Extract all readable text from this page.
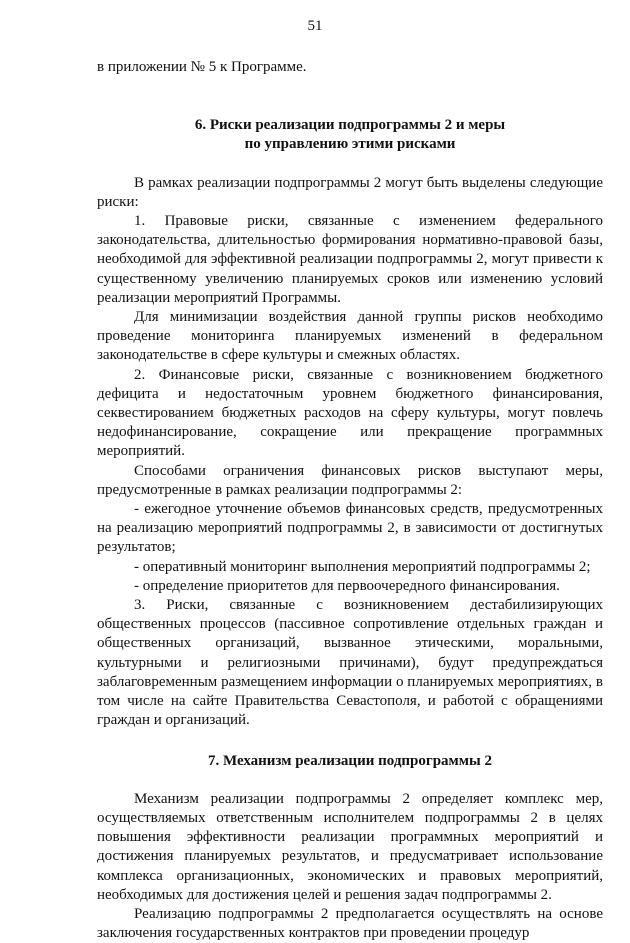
51

в приложении № 5 к Программе.

6. Риски реализации подпрограммы 2 и меры
по управлению этими рисками

В рамках реализации подпрограммы 2 могут быть выделены следующие риски:

1. Правовые риски, связанные с изменением федерального законодательства, длительностью формирования нормативно-правовой базы, необходимой для эффективной реализации подпрограммы 2, могут привести к существенному увеличению планируемых сроков или изменению условий реализации мероприятий Программы.

Для минимизации воздействия данной группы рисков необходимо проведение мониторинга планируемых изменений в федеральном законодательстве в сфере культуры и смежных областях.

2. Финансовые риски, связанные с возникновением бюджетного дефицита и недостаточным уровнем бюджетного финансирования, секвестированием бюджетных расходов на сферу культуры, могут повлечь недофинансирование, сокращение или прекращение программных мероприятий.

Способами ограничения финансовых рисков выступают меры, предусмотренные в рамках реализации подпрограммы 2:

- ежегодное уточнение объемов финансовых средств, предусмотренных на реализацию мероприятий подпрограммы 2, в зависимости от достигнутых результатов;

- оперативный мониторинг выполнения мероприятий подпрограммы 2;

- определение приоритетов для первоочередного финансирования.

3. Риски, связанные с возникновением дестабилизирующих общественных процессов (пассивное сопротивление отдельных граждан и общественных организаций, вызванное этическими, моральными, культурными и религиозными причинами), будут предупреждаться заблаговременным размещением информации о планируемых мероприятиях, в том числе на сайте Правительства Севастополя, и работой с обращениями граждан и организаций.

7. Механизм реализации подпрограммы 2

Механизм реализации подпрограммы 2 определяет комплекс мер, осуществляемых ответственным исполнителем подпрограммы 2 в целях повышения эффективности реализации программных мероприятий и достижения планируемых результатов, и предусматривает использование комплекса организационных, экономических и правовых мероприятий, необходимых для достижения целей и решения задач подпрограммы 2.

Реализацию подпрограммы 2 предполагается осуществлять на основе заключения государственных контрактов при проведении процедур
